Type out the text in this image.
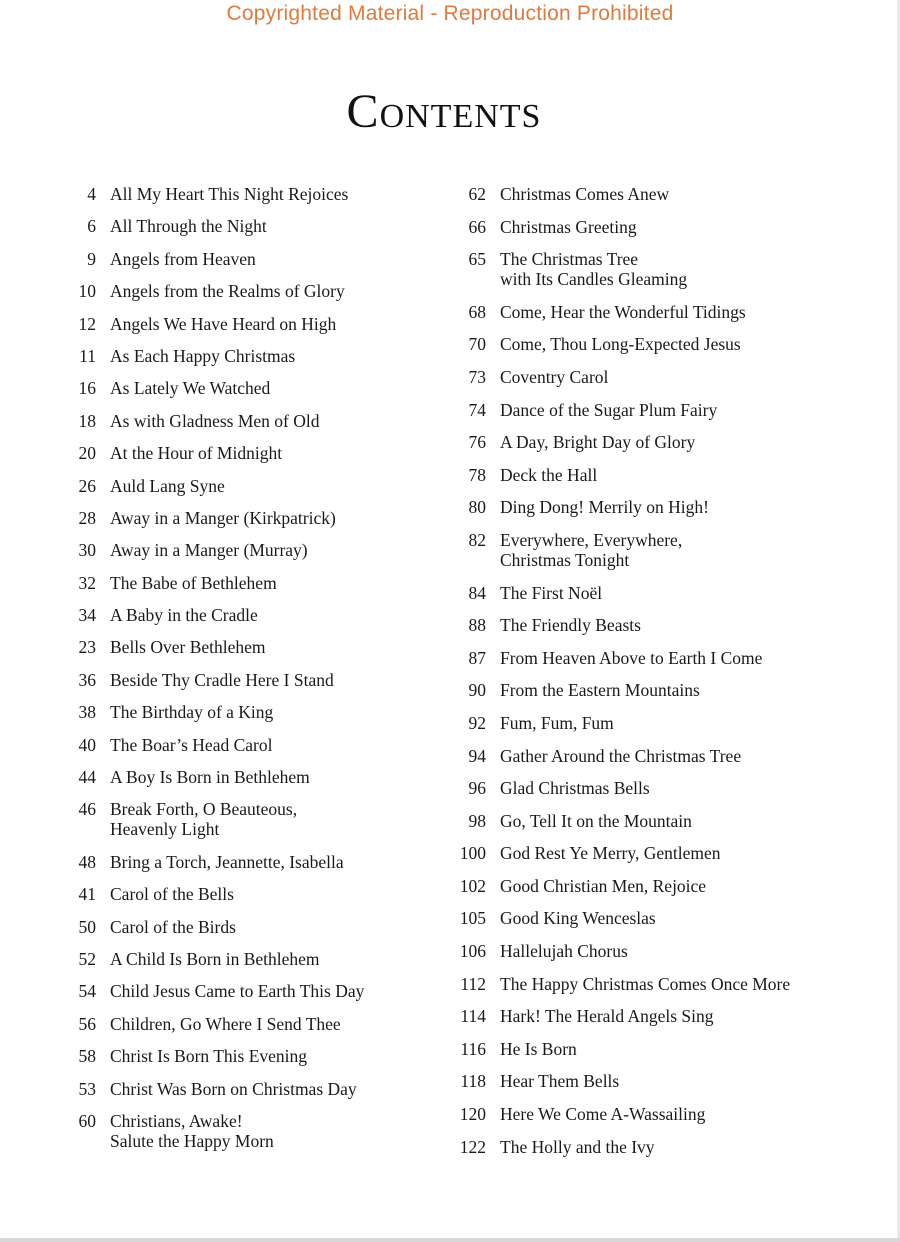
Copyrighted Material - Reproduction Prohibited
Contents
4 All My Heart This Night Rejoices
6 All Through the Night
9 Angels from Heaven
10 Angels from the Realms of Glory
12 Angels We Have Heard on High
11 As Each Happy Christmas
16 As Lately We Watched
18 As with Gladness Men of Old
20 At the Hour of Midnight
26 Auld Lang Syne
28 Away in a Manger (Kirkpatrick)
30 Away in a Manger (Murray)
32 The Babe of Bethlehem
34 A Baby in the Cradle
23 Bells Over Bethlehem
36 Beside Thy Cradle Here I Stand
38 The Birthday of a King
40 The Boar’s Head Carol
44 A Boy Is Born in Bethlehem
46 Break Forth, O Beauteous,
Heavenly Light
48 Bring a Torch, Jeannette, Isabella
41 Carol of the Bells
50 Carol of the Birds
52 A Child Is Born in Bethlehem
54 Child Jesus Came to Earth This Day
56 Children, Go Where I Send Thee
58 Christ Is Born This Evening
53 Christ Was Born on Christmas Day
60 Christians, Awake!
Salute the Happy Morn
62 Christmas Comes Anew
66 Christmas Greeting
65 The Christmas Tree
with Its Candles Gleaming
68 Come, Hear the Wonderful Tidings
70 Come, Thou Long-Expected Jesus
73 Coventry Carol
74 Dance of the Sugar Plum Fairy
76 A Day, Bright Day of Glory
78 Deck the Hall
80 Ding Dong! Merrily on High!
82 Everywhere, Everywhere,
Christmas Tonight
84 The First Noël
88 The Friendly Beasts
87 From Heaven Above to Earth I Come
90 From the Eastern Mountains
92 Fum, Fum, Fum
94 Gather Around the Christmas Tree
96 Glad Christmas Bells
98 Go, Tell It on the Mountain
100 God Rest Ye Merry, Gentlemen
102 Good Christian Men, Rejoice
105 Good King Wenceslas
106 Hallelujah Chorus
112 The Happy Christmas Comes Once More
114 Hark! The Herald Angels Sing
116 He Is Born
118 Hear Them Bells
120 Here We Come A-Wassailing
122 The Holly and the Ivy
